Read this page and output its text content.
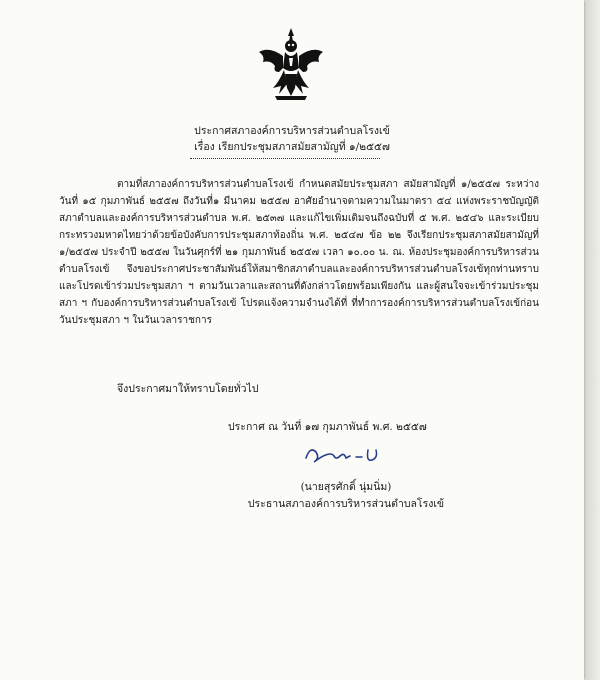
ประกาศสภาองค์การบริหารส่วนตำบลโรงเข้
เรื่อง เรียกประชุมสภาสมัยสามัญที่ ๑/๒๕๕๗

ตามที่สภาองค์การบริหารส่วนตำบลโรงเข้ กำหนดสมัยประชุมสภา สมัยสามัญที่ ๑/๒๕๕๗ ระหว่างวันที่ ๑๕ กุมภาพันธ์ ๒๕๕๗ ถึงวันที่๑ มีนาคม ๒๕๕๗ อาศัยอำนาจตามความในมาตรา ๕๔ แห่งพระราชบัญญัติสภาตำบลและองค์การบริหารส่วนตำบล พ.ศ. ๒๕๓๗ และแก้ไขเพิ่มเติมจนถึงฉบับที่ ๕ พ.ศ. ๒๕๔๖ และระเบียบกระทรวงมหาดไทยว่าด้วยข้อบังคับการประชุมสภาท้องถิ่น พ.ศ. ๒๕๔๗ ข้อ ๒๒ จึงเรียกประชุมสภาสมัยสามัญที่ ๑/๒๕๕๗ ประจำปี ๒๕๕๗ ในวันศุกร์ที่ ๒๑ กุมภาพันธ์ ๒๕๕๗ เวลา ๑๐.๐๐ น. ณ. ห้องประชุมองค์การบริหารส่วนตำบลโรงเข้ จึงขอประกาศประชาสัมพันธ์ให้สมาชิกสภาตำบลและองค์การบริหารส่วนตำบลโรงเข้ทุกท่านทราบ และโปรดเข้าร่วมประชุมสภา ฯ ตามวันเวลาและสถานที่ดังกล่าวโดยพร้อมเพียงกัน และผู้สนใจจะเข้าร่วมประชุมสภา ฯ กับองค์การบริหารส่วนตำบลโรงเข้ โปรดแจ้งความจำนงได้ที่ ที่ทำการองค์การบริหารส่วนตำบลโรงเข้ก่อนวันประชุมสภา ฯ ในวันเวลาราชการ

จึงประกาศมาให้ทราบโดยทั่วไป
ประกาศ ณ วันที่ ๑๗ กุมภาพันธ์ พ.ศ. ๒๕๕๗
(นายสุรศักดิ์ นุ่มนิ่ม)
ประธานสภาองค์การบริหารส่วนตำบลโรงเข้
